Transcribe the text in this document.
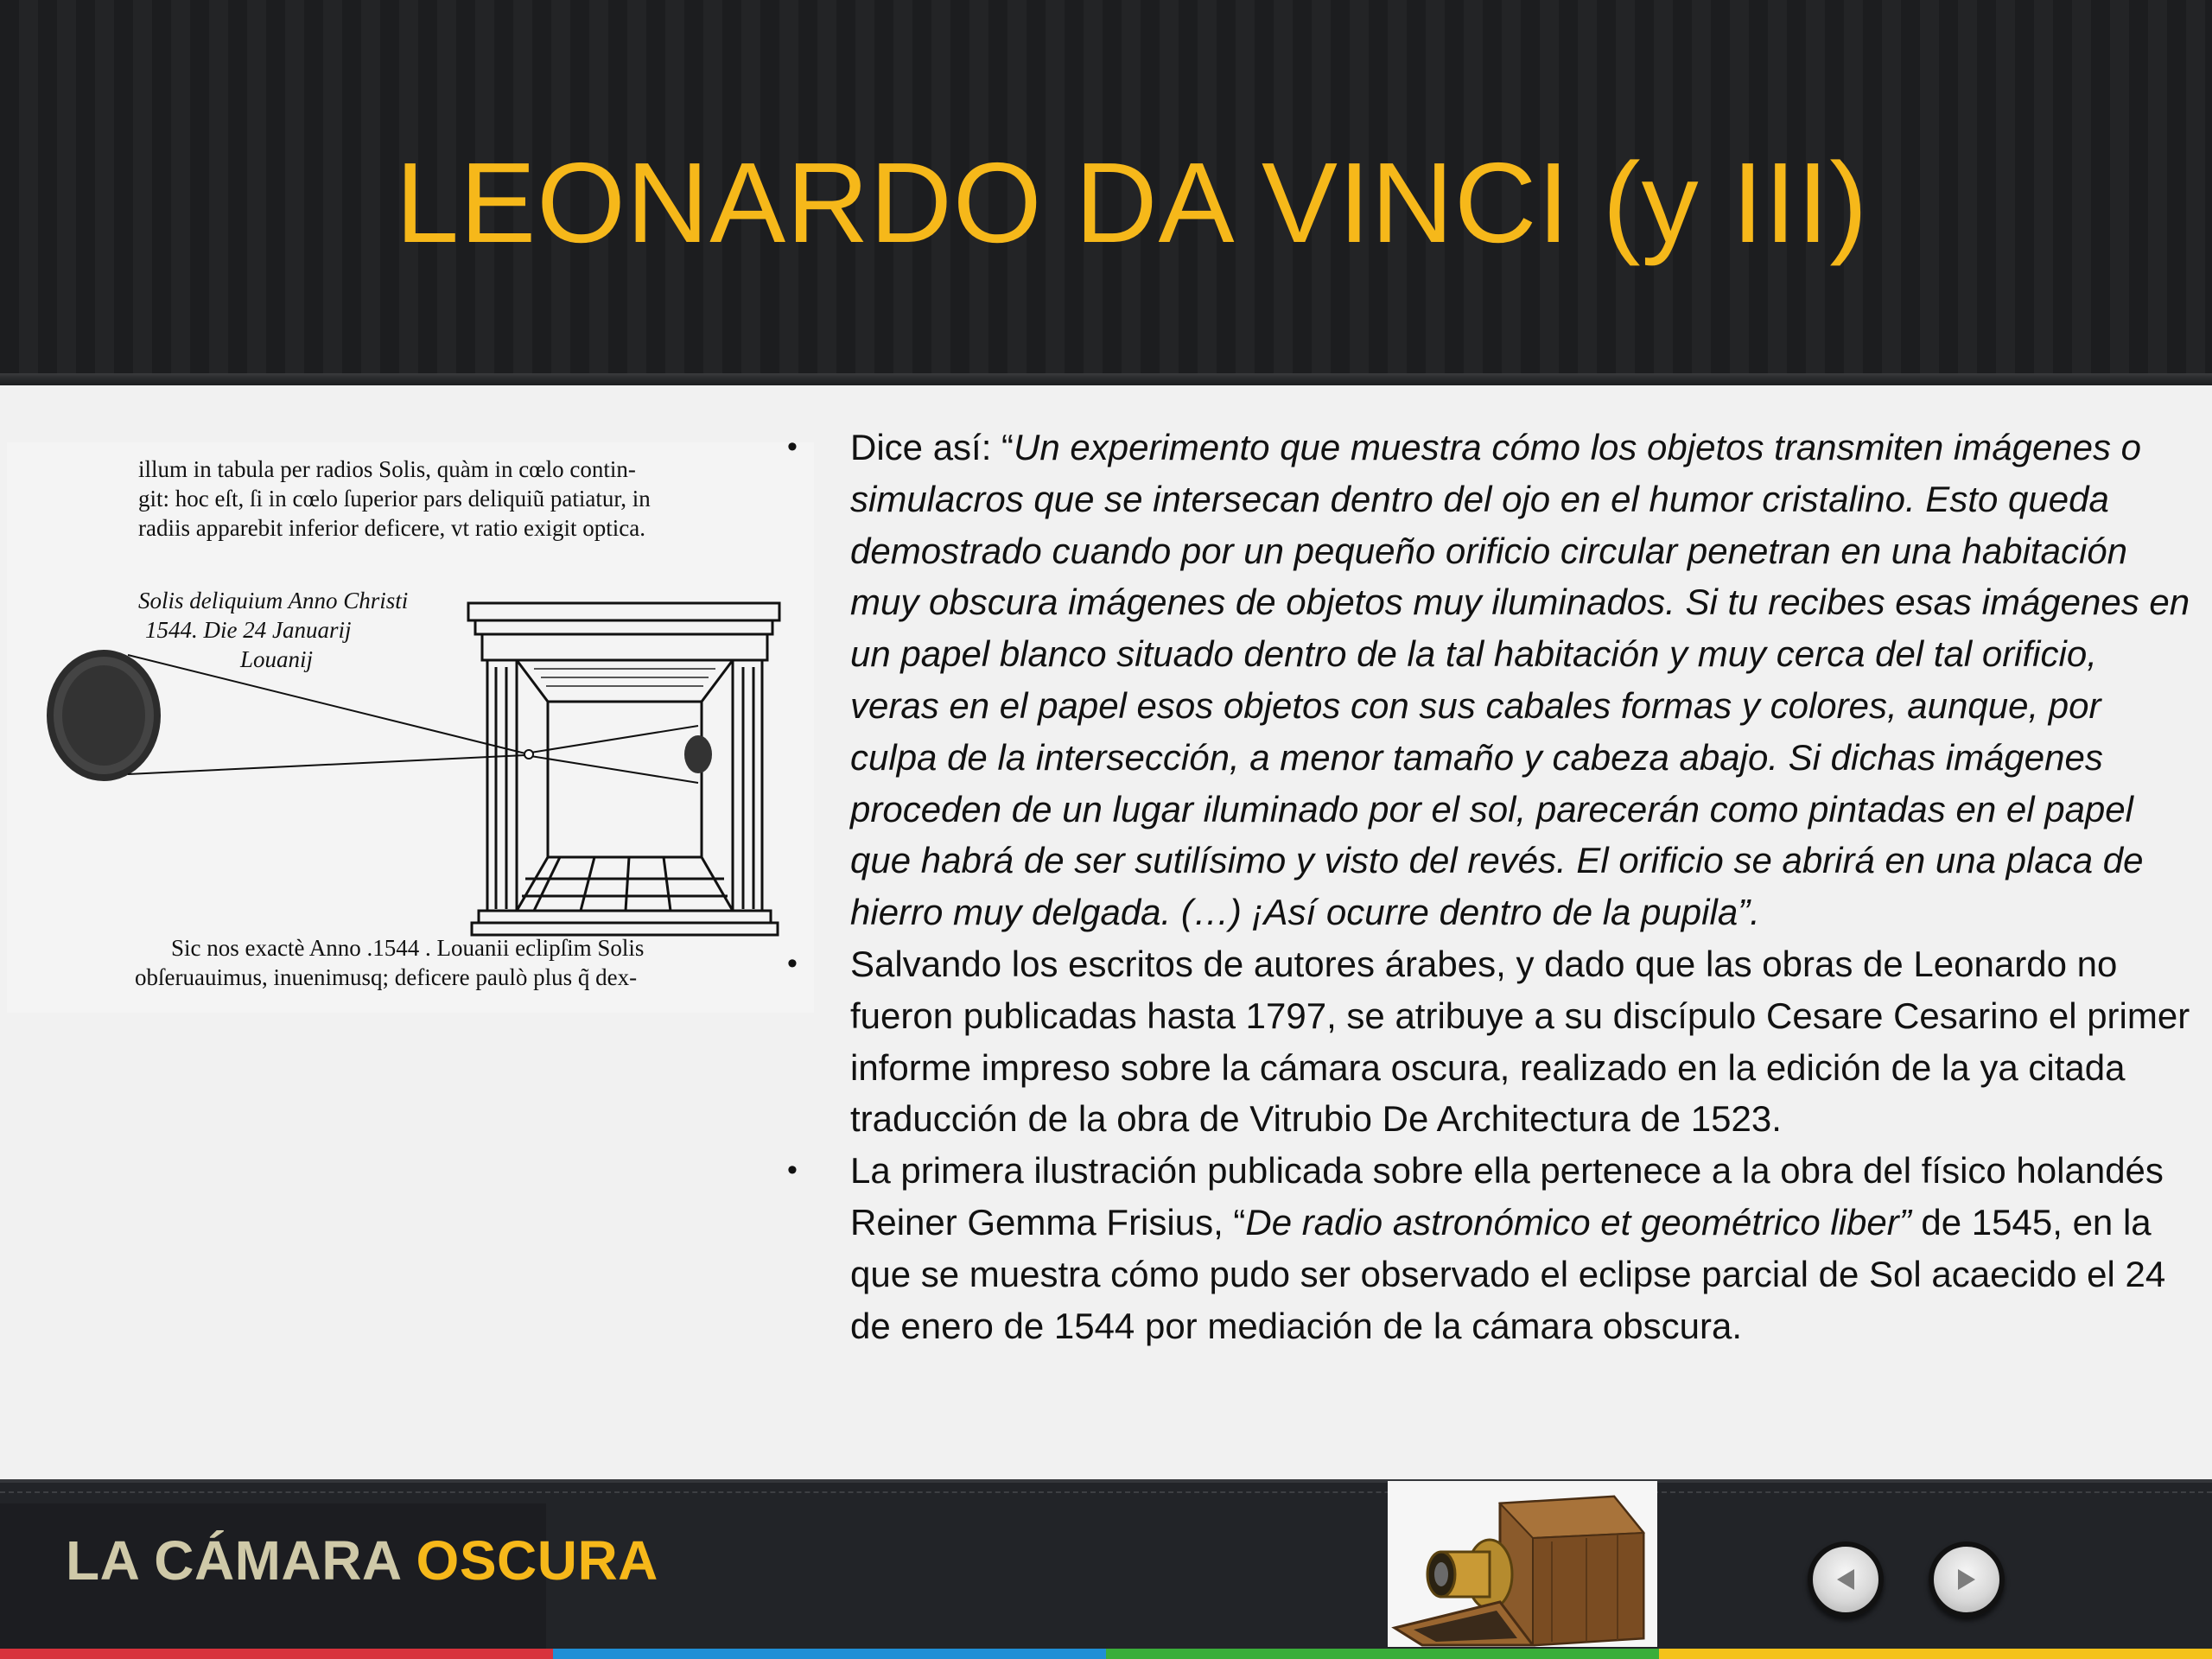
LEONARDO DA VINCI (y III)
illum in tabula per radios Solis, quàm in cœlo contin-
git: hoc eſt, ſi in cœlo ſuperior pars deliquiũ patiatur, in
radiis apparebit inferior deficere, vt ratio exigit optica.
Solis deliquium Anno Christi
1544. Die 24 Januarij
Louanij
Sic nos exactè Anno .1544 . Louanii eclipſim Solis
obſeruauimus, inuenimusq; deficere paulò plus q̃ dex-
• Dice así: “Un experimento que muestra cómo los objetos transmiten imágenes o simulacros que se intersecan dentro del ojo en el humor cristalino. Esto queda demostrado cuando por un pequeño orificio circular penetran en una habitación muy obscura imágenes de objetos muy iluminados. Si tu recibes esas imágenes en un papel blanco situado dentro de la tal habitación y muy cerca del tal orificio, veras en el papel esos objetos con sus cabales formas y colores, aunque, por culpa de la intersección, a menor tamaño y cabeza abajo. Si dichas imágenes proceden de un lugar iluminado por el sol, parecerán como pintadas en el papel que habrá de ser sutilísimo y visto del revés. El orificio se abrirá en una placa de hierro muy delgada. (…) ¡Así ocurre dentro de la pupila”.
• Salvando los escritos de autores árabes, y dado que las obras de Leonardo no fueron publicadas hasta 1797, se atribuye a su discípulo Cesare Cesarino el primer informe impreso sobre la cámara oscura, realizado en la edición de la ya citada traducción de la obra de Vitrubio De Architectura de 1523.
• La primera ilustración publicada sobre ella pertenece a la obra del físico holandés Reiner Gemma Frisius, “De radio astronómico et geométrico liber” de 1545, en la que se muestra cómo pudo ser observado el eclipse parcial de Sol acaecido el 24 de enero de 1544 por mediación de la cámara obscura.
LA CÁMARA OSCURA
